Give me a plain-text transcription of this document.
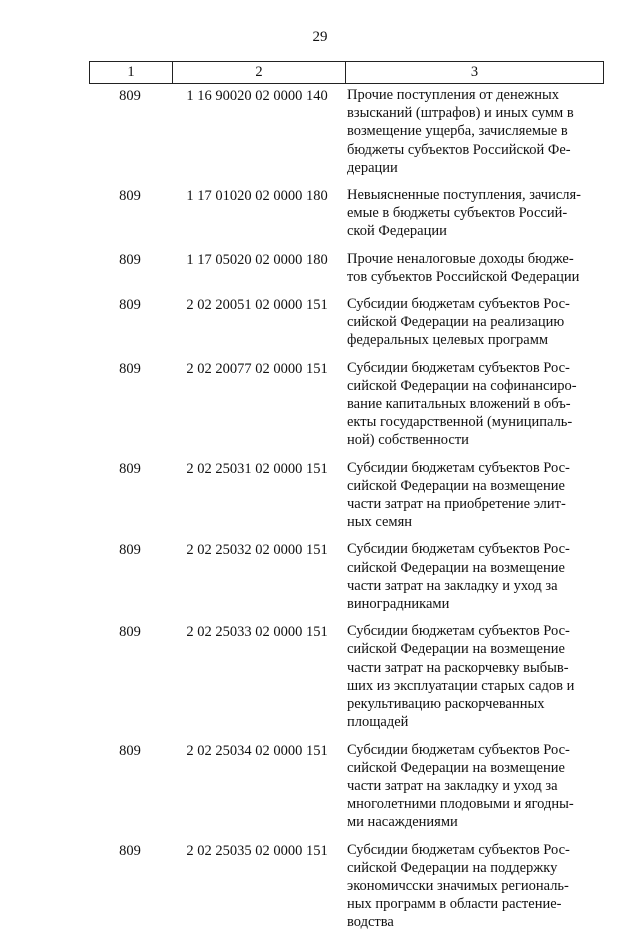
29
1	2	3
809	1 16 90020 02 0000 140	Прочие поступления от денежных
взысканий (штрафов) и иных сумм в
возмещение ущерба, зачисляемые в
бюджеты субъектов Российской Фе-
дерации
809	1 17 01020 02 0000 180	Невыясненные поступления, зачисля-
емые в бюджеты субъектов Россий-
ской Федерации
809	1 17 05020 02 0000 180	Прочие неналоговые доходы бюдже-
тов субъектов Российской Федерации
809	2 02 20051 02 0000 151	Субсидии бюджетам субъектов Рос-
сийской Федерации на реализацию
федеральных целевых программ
809	2 02 20077 02 0000 151	Субсидии бюджетам субъектов Рос-
сийской Федерации на софинансиро-
вание капитальных вложений в объ-
екты государственной (муниципаль-
ной) собственности
809	2 02 25031 02 0000 151	Субсидии бюджетам субъектов Рос-
сийской Федерации на возмещение
части затрат на приобретение элит-
ных семян
809	2 02 25032 02 0000 151	Субсидии бюджетам субъектов Рос-
сийской Федерации на возмещение
части затрат на закладку и уход за
виноградниками
809	2 02 25033 02 0000 151	Субсидии бюджетам субъектов Рос-
сийской Федерации на возмещение
части затрат на раскорчевку выбыв-
ших из эксплуатации старых садов и
рекультивацию раскорчеванных
площадей
809	2 02 25034 02 0000 151	Субсидии бюджетам субъектов Рос-
сийской Федерации на возмещение
части затрат на закладку и уход за
многолетними плодовыми и ягодны-
ми насаждениями
809	2 02 25035 02 0000 151	Субсидии бюджетам субъектов Рос-
сийской Федерации на поддержку
экономичсски значимых региональ-
ных программ в области растение-
водства
